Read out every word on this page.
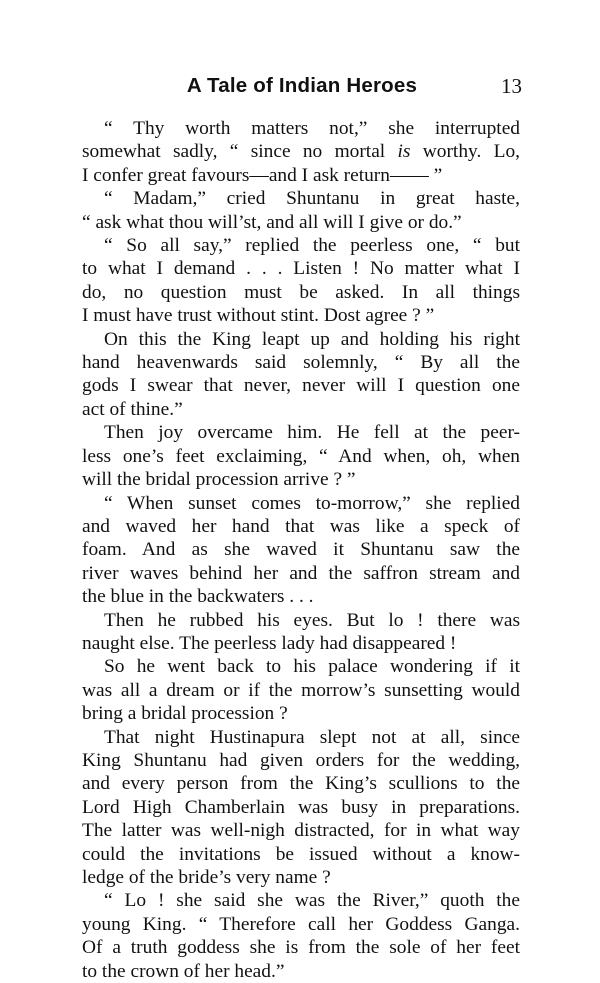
A Tale of Indian Heroes	13
“ Thy worth matters not,” she interrupted
somewhat sadly, “ since no mortal is worthy. Lo,
I confer great favours—and I ask return—— ”
“ Madam,” cried Shuntanu in great haste,
“ ask what thou will’st, and all will I give or do.”
“ So all say,” replied the peerless one, “ but
to what I demand . . . Listen ! No matter what I
do, no question must be asked. In all things
I must have trust without stint. Dost agree ? ”
On this the King leapt up and holding his right
hand heavenwards said solemnly, “ By all the
gods I swear that never, never will I question one
act of thine.”
Then joy overcame him. He fell at the peer-
less one’s feet exclaiming, “ And when, oh, when
will the bridal procession arrive ? ”
“ When sunset comes to-morrow,” she replied
and waved her hand that was like a speck of
foam. And as she waved it Shuntanu saw the
river waves behind her and the saffron stream and
the blue in the backwaters . . .
Then he rubbed his eyes. But lo ! there was
naught else. The peerless lady had disappeared !
So he went back to his palace wondering if it
was all a dream or if the morrow’s sunsetting would
bring a bridal procession ?
That night Hustinapura slept not at all, since
King Shuntanu had given orders for the wedding,
and every person from the King’s scullions to the
Lord High Chamberlain was busy in preparations.
The latter was well-nigh distracted, for in what way
could the invitations be issued without a know-
ledge of the bride’s very name ?
“ Lo ! she said she was the River,” quoth the
young King. “ Therefore call her Goddess Ganga.
Of a truth goddess she is from the sole of her feet
to the crown of her head.”
